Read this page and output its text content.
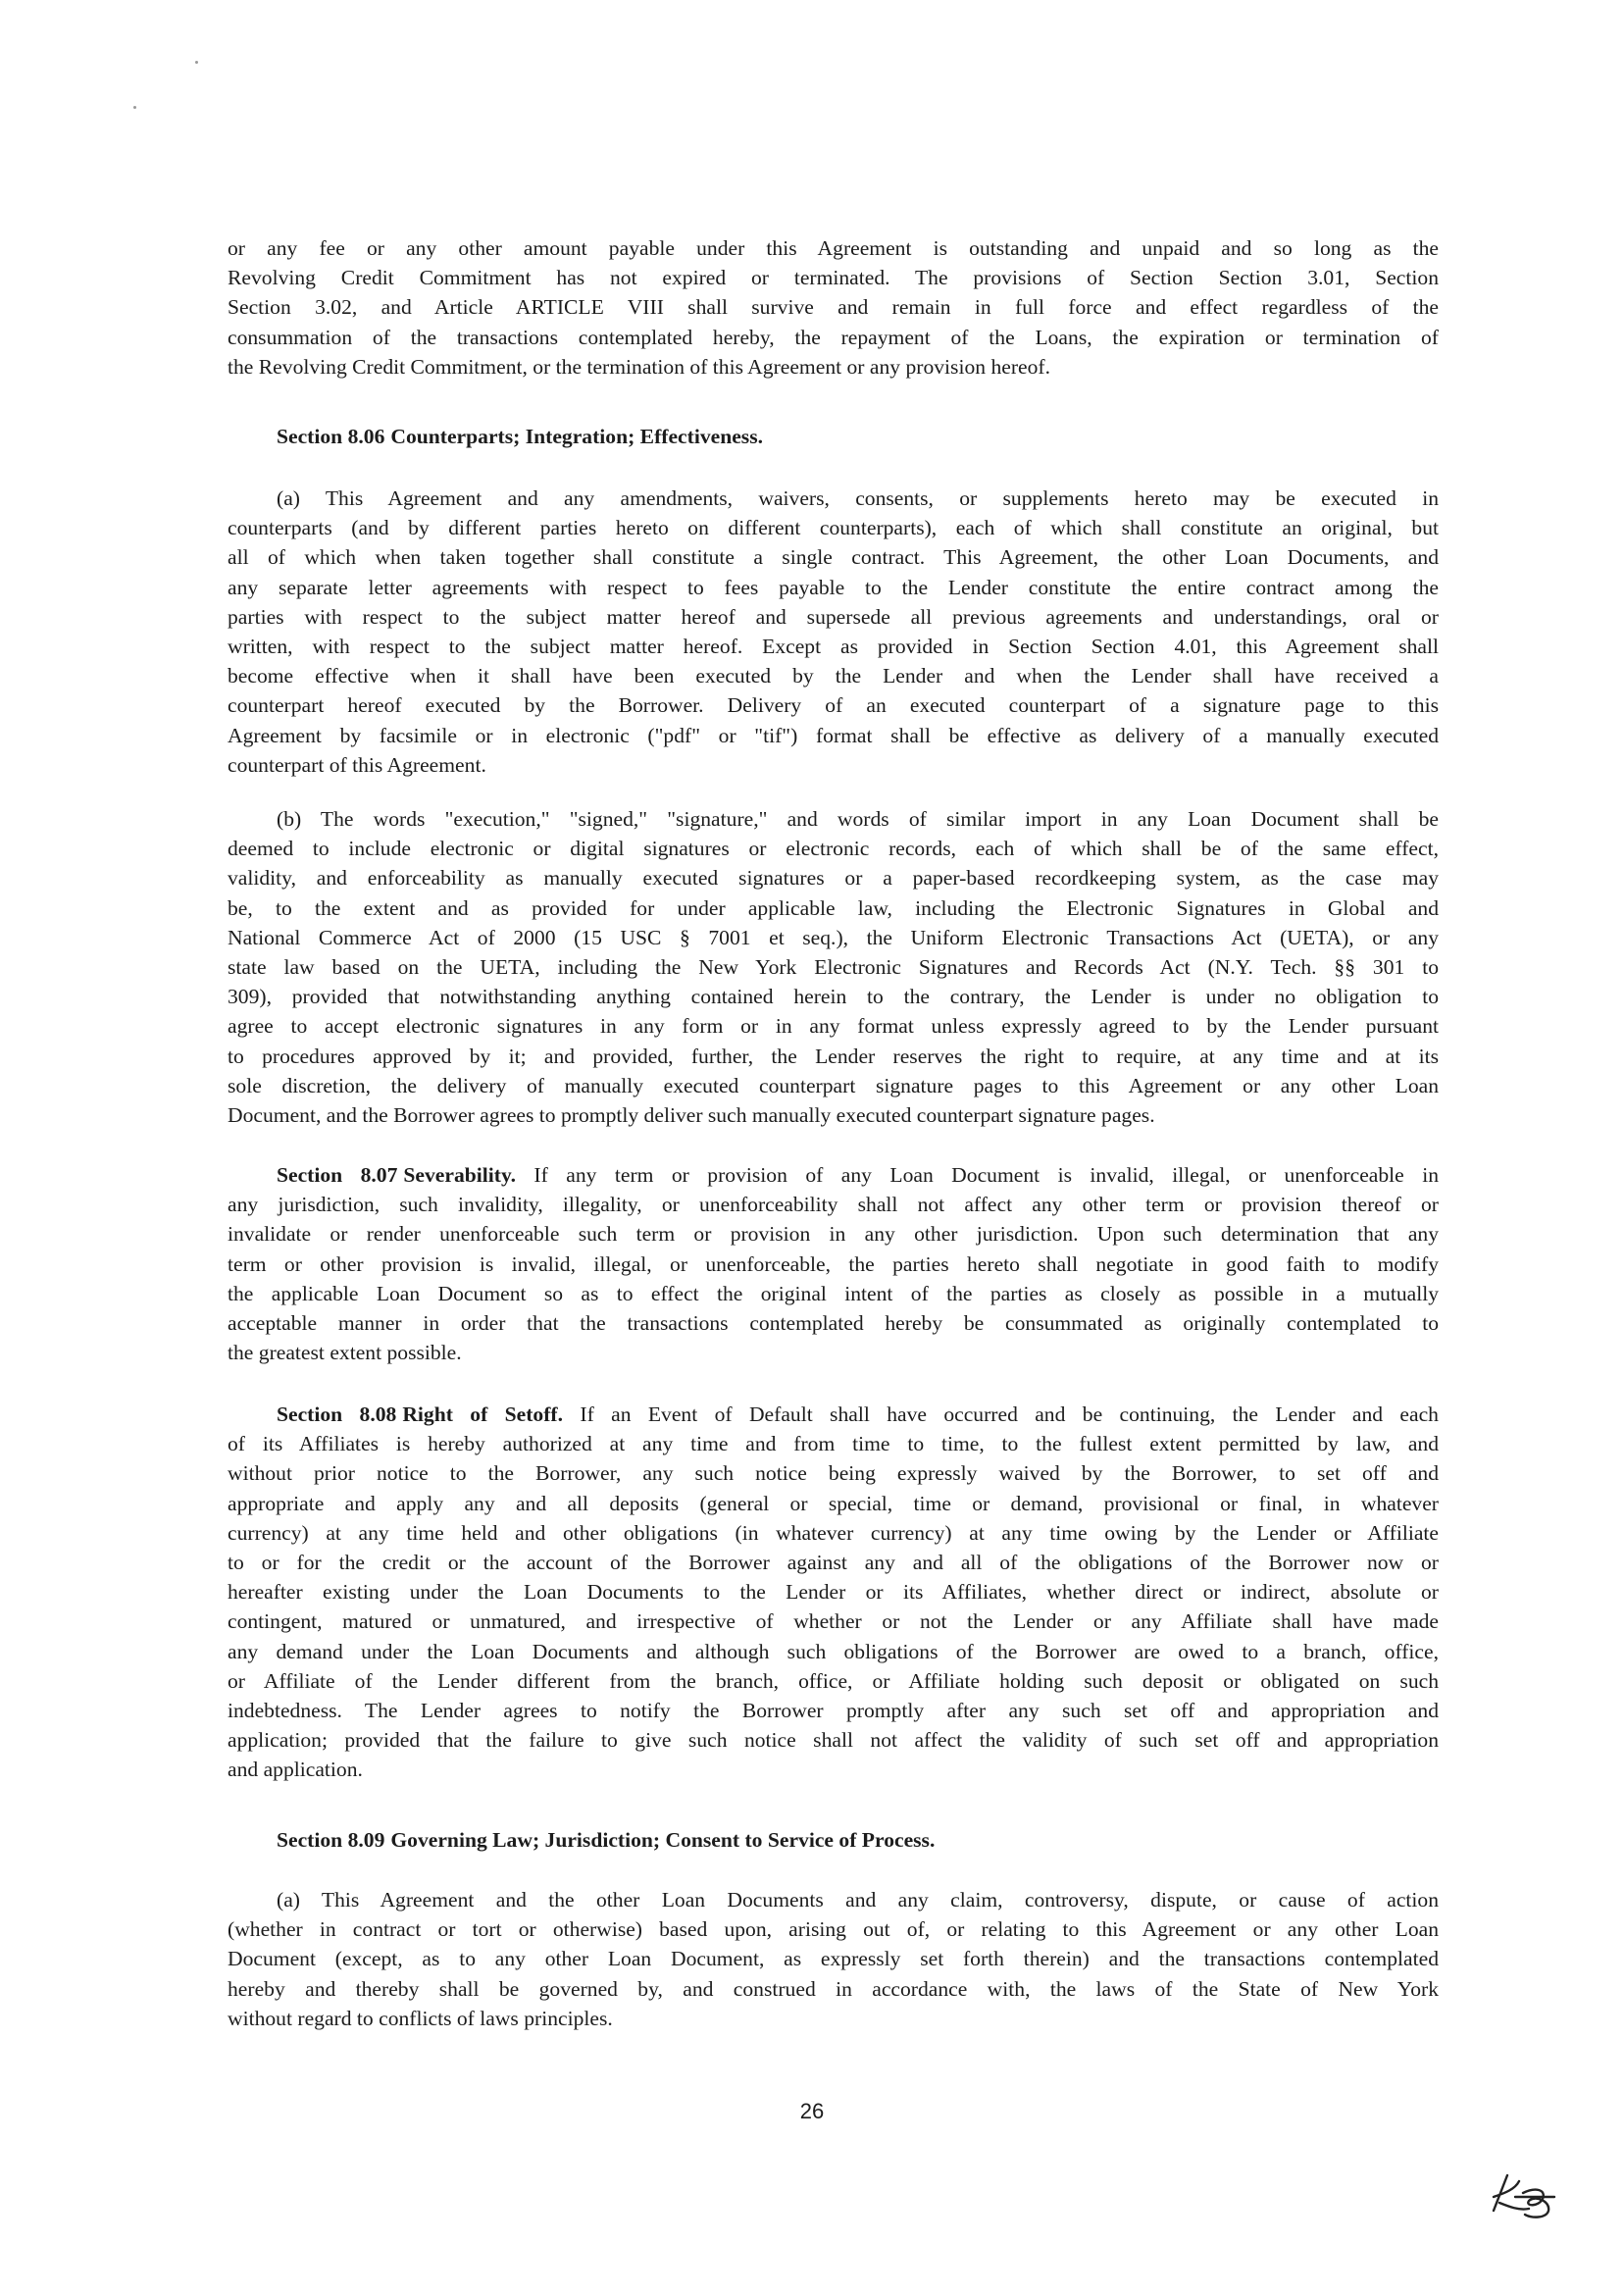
or any fee or any other amount payable under this Agreement is outstanding and unpaid and so long as the
Revolving Credit Commitment has not expired or terminated. The provisions of Section Section 3.01, Section
Section 3.02, and Article ARTICLE VIII shall survive and remain in full force and effect regardless of the
consummation of the transactions contemplated hereby, the repayment of the Loans, the expiration or termination of
the Revolving Credit Commitment, or the termination of this Agreement or any provision hereof.
Section 8.06 Counterparts; Integration; Effectiveness.
(a) This Agreement and any amendments, waivers, consents, or supplements hereto may be executed in
counterparts (and by different parties hereto on different counterparts), each of which shall constitute an original, but
all of which when taken together shall constitute a single contract. This Agreement, the other Loan Documents, and
any separate letter agreements with respect to fees payable to the Lender constitute the entire contract among the
parties with respect to the subject matter hereof and supersede all previous agreements and understandings, oral or
written, with respect to the subject matter hereof. Except as provided in Section Section 4.01, this Agreement shall
become effective when it shall have been executed by the Lender and when the Lender shall have received a
counterpart hereof executed by the Borrower. Delivery of an executed counterpart of a signature page to this
Agreement by facsimile or in electronic ("pdf" or "tif") format shall be effective as delivery of a manually executed
counterpart of this Agreement.
(b) The words "execution," "signed," "signature," and words of similar import in any Loan Document shall be
deemed to include electronic or digital signatures or electronic records, each of which shall be of the same effect,
validity, and enforceability as manually executed signatures or a paper-based recordkeeping system, as the case may
be, to the extent and as provided for under applicable law, including the Electronic Signatures in Global and
National Commerce Act of 2000 (15 USC § 7001 et seq.), the Uniform Electronic Transactions Act (UETA), or any
state law based on the UETA, including the New York Electronic Signatures and Records Act (N.Y. Tech. §§ 301 to
309), provided that notwithstanding anything contained herein to the contrary, the Lender is under no obligation to
agree to accept electronic signatures in any form or in any format unless expressly agreed to by the Lender pursuant
to procedures approved by it; and provided, further, the Lender reserves the right to require, at any time and at its
sole discretion, the delivery of manually executed counterpart signature pages to this Agreement or any other Loan
Document, and the Borrower agrees to promptly deliver such manually executed counterpart signature pages.
Section 8.07 Severability. If any term or provision of any Loan Document is invalid, illegal, or unenforceable in
any jurisdiction, such invalidity, illegality, or unenforceability shall not affect any other term or provision thereof or
invalidate or render unenforceable such term or provision in any other jurisdiction. Upon such determination that any
term or other provision is invalid, illegal, or unenforceable, the parties hereto shall negotiate in good faith to modify
the applicable Loan Document so as to effect the original intent of the parties as closely as possible in a mutually
acceptable manner in order that the transactions contemplated hereby be consummated as originally contemplated to
the greatest extent possible.
Section 8.08 Right of Setoff. If an Event of Default shall have occurred and be continuing, the Lender and each
of its Affiliates is hereby authorized at any time and from time to time, to the fullest extent permitted by law, and
without prior notice to the Borrower, any such notice being expressly waived by the Borrower, to set off and
appropriate and apply any and all deposits (general or special, time or demand, provisional or final, in whatever
currency) at any time held and other obligations (in whatever currency) at any time owing by the Lender or Affiliate
to or for the credit or the account of the Borrower against any and all of the obligations of the Borrower now or
hereafter existing under the Loan Documents to the Lender or its Affiliates, whether direct or indirect, absolute or
contingent, matured or unmatured, and irrespective of whether or not the Lender or any Affiliate shall have made
any demand under the Loan Documents and although such obligations of the Borrower are owed to a branch, office,
or Affiliate of the Lender different from the branch, office, or Affiliate holding such deposit or obligated on such
indebtedness. The Lender agrees to notify the Borrower promptly after any such set off and appropriation and
application; provided that the failure to give such notice shall not affect the validity of such set off and appropriation
and application.
Section 8.09 Governing Law; Jurisdiction; Consent to Service of Process.
(a) This Agreement and the other Loan Documents and any claim, controversy, dispute, or cause of action
(whether in contract or tort or otherwise) based upon, arising out of, or relating to this Agreement or any other Loan
Document (except, as to any other Loan Document, as expressly set forth therein) and the transactions contemplated
hereby and thereby shall be governed by, and construed in accordance with, the laws of the State of New York
without regard to conflicts of laws principles.
26
